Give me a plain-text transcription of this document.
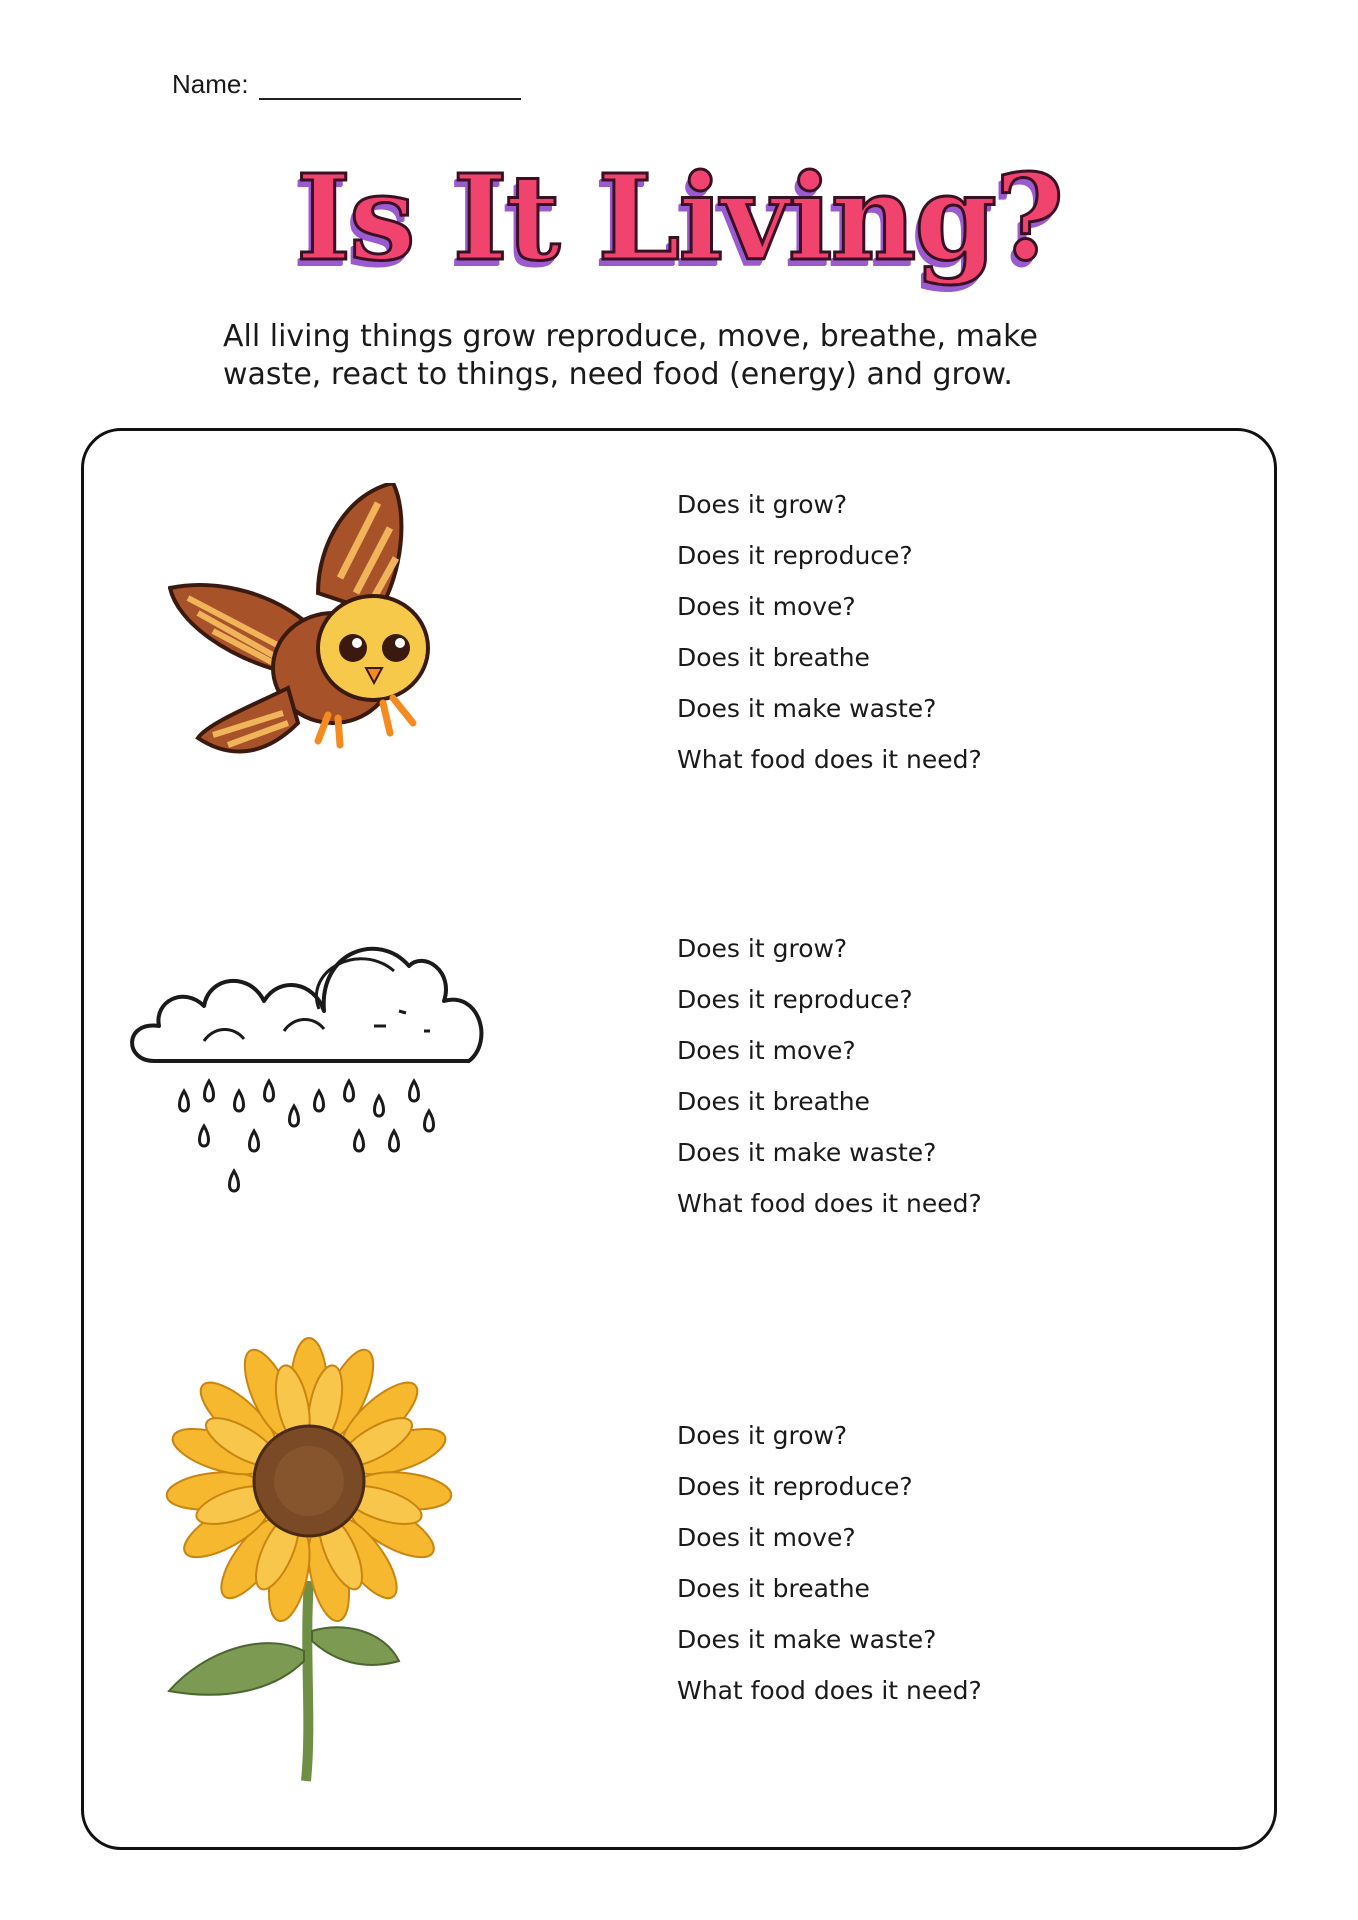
Name:
Is It Living?
All living things grow reproduce, move, breathe, make waste, react to things, need food (energy) and grow.
Does it grow?
Does it reproduce?
Does it move?
Does it breathe
Does it make waste?
What food does it need?
Does it grow?
Does it reproduce?
Does it move?
Does it breathe
Does it make waste?
What food does it need?
Does it grow?
Does it reproduce?
Does it move?
Does it breathe
Does it make waste?
What food does it need?
